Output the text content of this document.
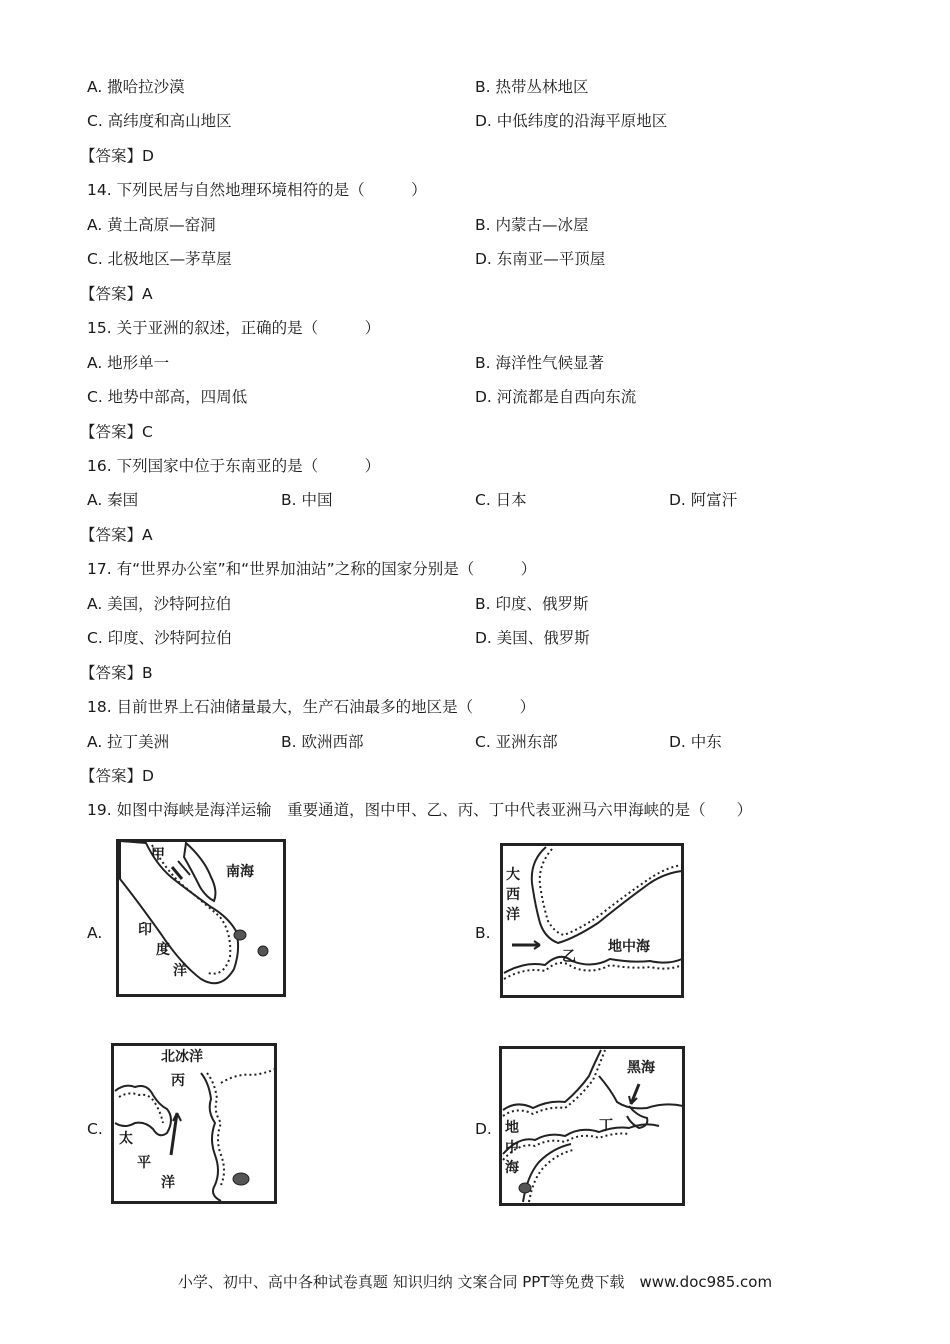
A. 撒哈拉沙漠	B. 热带丛林地区
C. 高纬度和高山地区	D. 中低纬度的沿海平原地区
【答案】D
14. 下列民居与自然地理环境相符的是（　　　）
A. 黄土高原—窑洞	B. 内蒙古—冰屋
C. 北极地区—茅草屋	D. 东南亚—平顶屋
【答案】A
15. 关于亚洲的叙述，正确的是（　　　）
A. 地形单一	B. 海洋性气候显著
C. 地势中部高，四周低	D. 河流都是自西向东流
【答案】C
16. 下列国家中位于东南亚的是（　　　）
A. 秦国	B. 中国	C. 日本	D. 阿富汗
【答案】A
17. 有“世界办公室”和“世界加油站”之称的国家分别是（　　　）
A. 美国，沙特阿拉伯	B. 印度、俄罗斯
C. 印度、沙特阿拉伯	D. 美国、俄罗斯
【答案】B
18. 目前世界上石油储量最大，生产石油最多的地区是（　　　）
A. 拉丁美洲	B. 欧洲西部	C. 亚洲东部	D. 中东
【答案】D
19. 如图中海峡是海洋运输　重要通道，图中甲、乙、丙、丁中代表亚洲马六甲海峡的是（　　）
A.	B.
C.	D.
甲
南海
印
度
洋
大
西
洋
乙
地中海
北冰洋
丙
太
平
洋
黑海
丁
地
中
海
小学、初中、高中各种试卷真题 知识归纳 文案合同 PPT等免费下载　www.doc985.com
